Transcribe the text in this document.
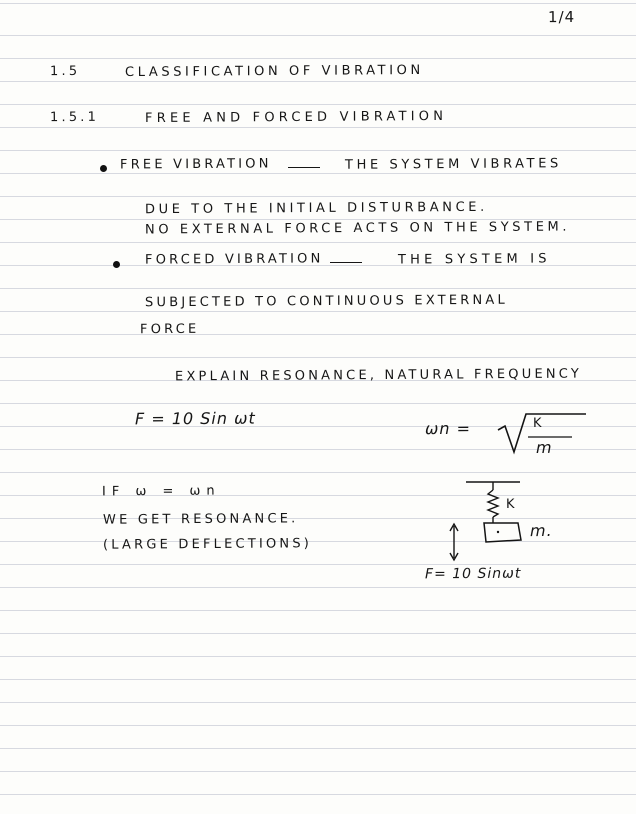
1/4
1.5	CLASSIFICATION OF VIBRATION
1.5.1	FREE AND FORCED VIBRATION
FREE VIBRATION	THE SYSTEM VIBRATES
DUE TO THE INITIAL DISTURBANCE.
NO EXTERNAL FORCE ACTS ON THE SYSTEM.
FORCED VIBRATION	THE SYSTEM IS
SUBJECTED TO CONTINUOUS EXTERNAL
FORCE
EXPLAIN RESONANCE, NATURAL FREQUENCY
F = 10 Sin ωt
ωn =	K
m
IF ω = ωn
WE GET RESONANCE.
(LARGE DEFLECTIONS)
K
m.
F= 10 Sinωt
